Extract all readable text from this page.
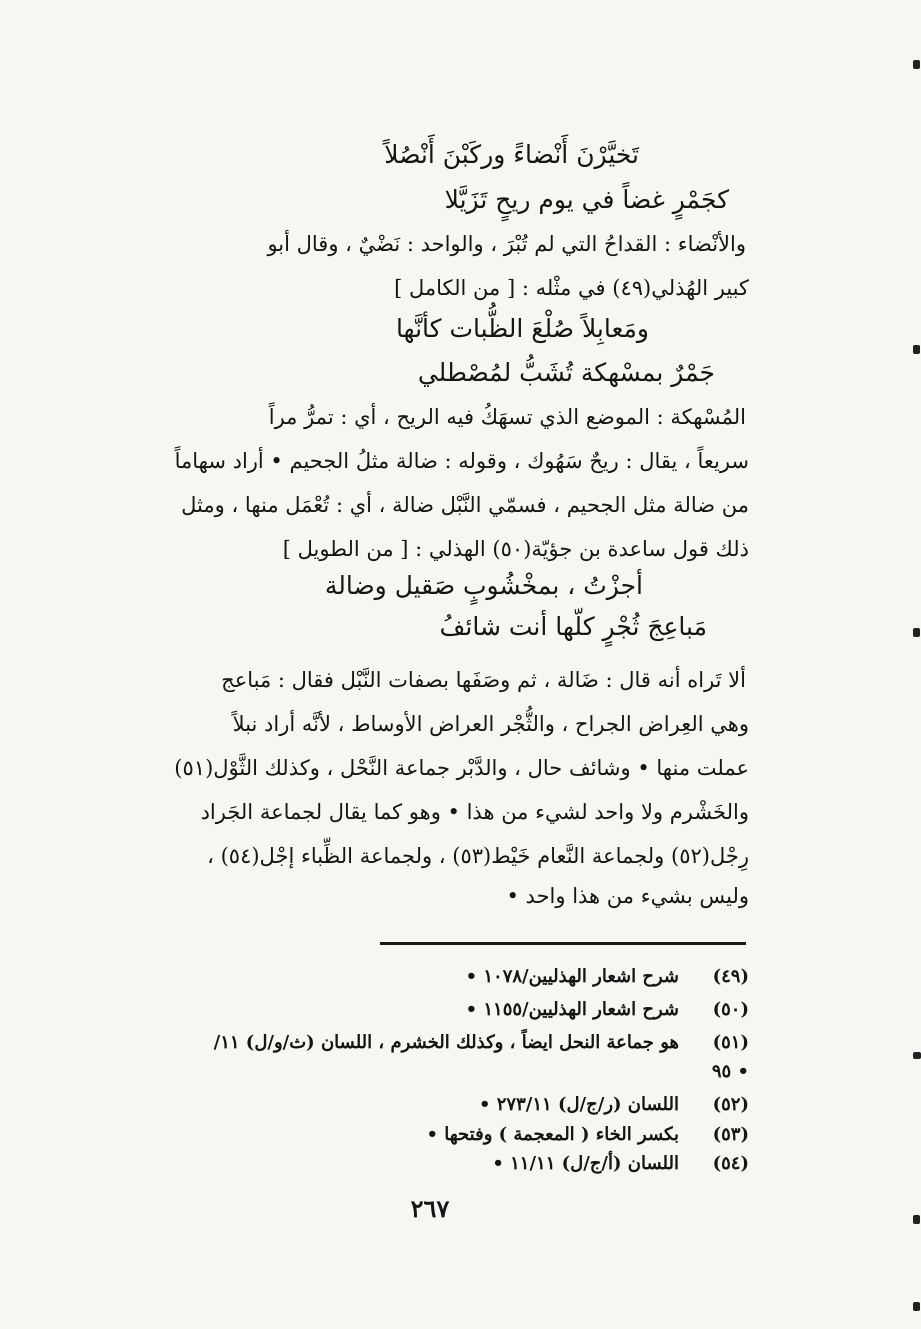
تَخيَّرْنَ أَنْضاءً وركَبْنَ أَنْصُلاً
كجَمْرٍ غضاً في يوم ريحٍ تَزَيَّلا
والأنْضاء : القداحُ التي لم تُبْرَ ، والواحد : نَضْيٌ ، وقال أبو
كبير الهُذلي(٤٩) في مثْله : [ من الكامل ]
ومَعابِلاً صُلْعَ الظُّبات كأنَّها
جَمْرٌ بمسْهكة تُشَبُّ لمُصْطلي
المُسْهكة : الموضع الذي تسهَكُ فيه الريح ، أي : تمرُّ مراً
سريعاً ، يقال : ريحٌ سَهُوك ، وقوله : ضالة مثلُ الجحيم • أراد سهاماً
من ضالة مثل الجحيم ، فسمّي النَّبْل ضالة ، أي : تُعْمَل منها ، ومثل
ذلك قول ساعدة بن جؤيّة(٥٠) الهذلي : [ من الطويل ]
أجزْتُ ، بمخْشُوبٍ صَقيل وضالة
مَباعِجَ ثُجْرٍ كلّها أنت شائفُ
ألا تَراه أنه قال : ضَالة ، ثم وصَفَها بصفات النَّبْل فقال : مَباعج
وهي العِراض الجراح ، والثُّجْر العراض الأوساط ، لأنَّه أراد نبلاً
عملت منها • وشائف حال ، والدَّبْر جماعة النَّحْل ، وكذلك الثَّوْل(٥١)
والخَشْرم ولا واحد لشيء من هذا • وهو كما يقال لجماعة الجَراد
رِجْل(٥٢) ولجماعة النَّعام خَيْط(٥٣) ، ولجماعة الظِّباء إجْل(٥٤) ،
وليس بشيء من هذا واحد •
(٤٩)شرح اشعار الهذليين/١٠٧٨ •
(٥٠)شرح اشعار الهذليين/١١٥٥ •
(٥١)هو جماعة النحل ايضاً ، وكذلك الخشرم ، اللسان (ث/و/ل) ١١/
٩٥ •
(٥٢)اللسان (ر/ج/ل) ٢٧٣/١١ •
(٥٣)بكسر الخاء ( المعجمة ) وفتحها •
(٥٤)اللسان (أ/ج/ل) ١١/١١ •
٢٦٧
